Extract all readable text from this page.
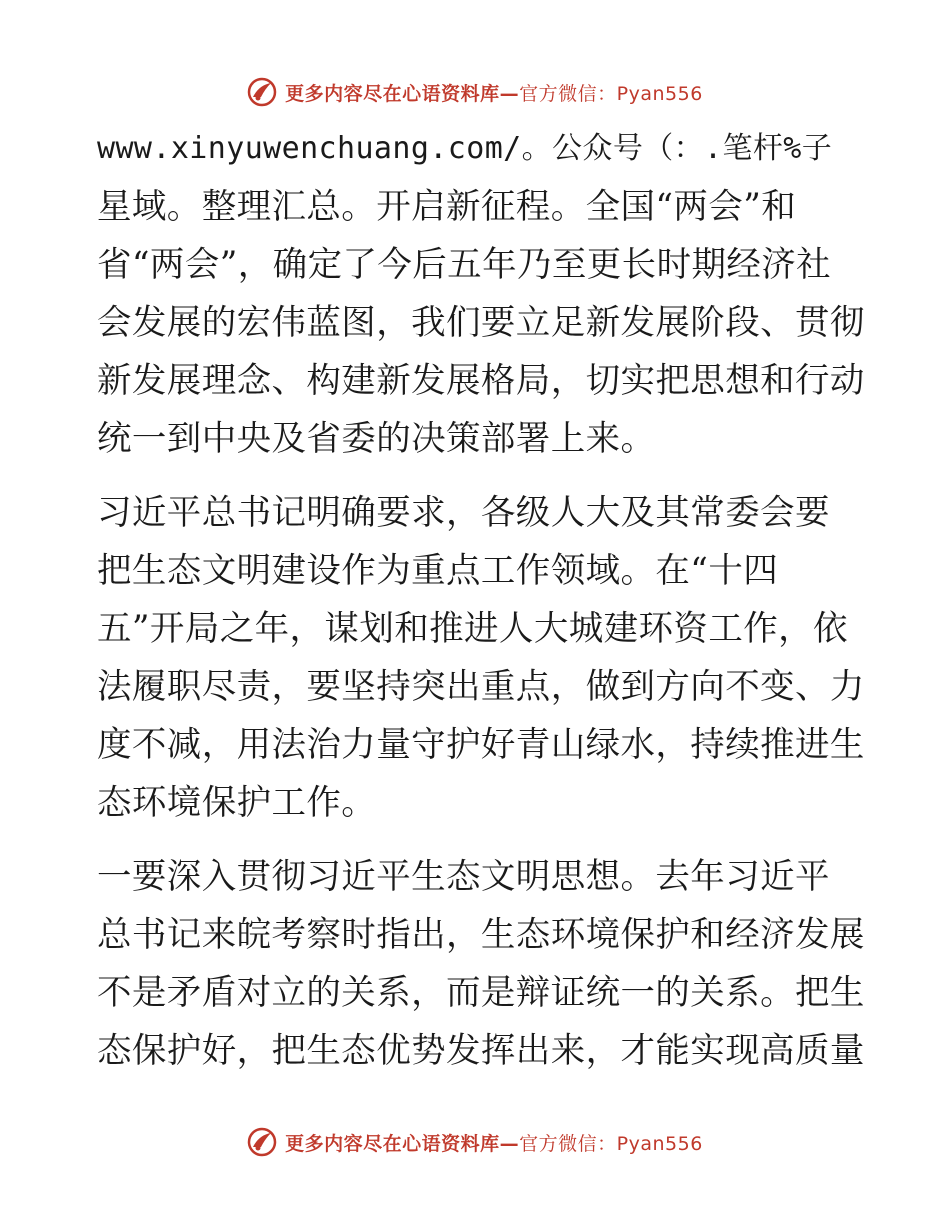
更多内容尽在心语资料库—官方微信：Pyan556
www.xinyuwenchuang.com/。公众号（：.笔杆%子
星域。整理汇总。开启新征程。全国“两会”和
省“两会”，确定了今后五年乃至更长时期经济社
会发展的宏伟蓝图，我们要立足新发展阶段、贯彻
新发展理念、构建新发展格局，切实把思想和行动
统一到中央及省委的决策部署上来。
习近平总书记明确要求，各级人大及其常委会要
把生态文明建设作为重点工作领域。在“十四
五”开局之年，谋划和推进人大城建环资工作，依
法履职尽责，要坚持突出重点，做到方向不变、力
度不减，用法治力量守护好青山绿水，持续推进生
态环境保护工作。
一要深入贯彻习近平生态文明思想。去年习近平
总书记来皖考察时指出，生态环境保护和经济发展
不是矛盾对立的关系，而是辩证统一的关系。把生
态保护好，把生态优势发挥出来，才能实现高质量
更多内容尽在心语资料库—官方微信：Pyan556
